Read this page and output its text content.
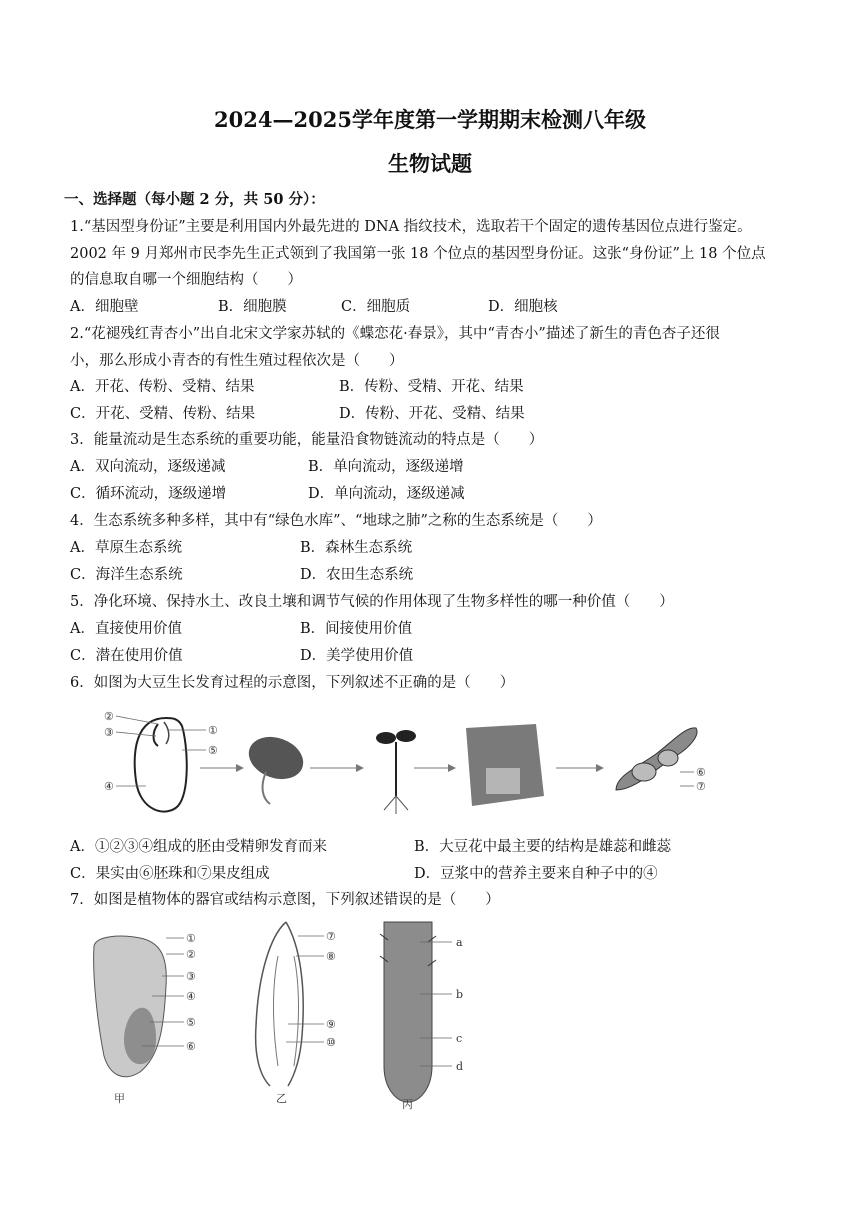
2024—2025学年度第一学期期末检测八年级
生物试题
一、选择题（每小题 2 分，共 50 分）：
1.“基因型身份证”主要是利用国内外最先进的 DNA 指纹技术，选取若干个固定的遗传基因位点进行鉴定。
2002 年 9 月郑州市民李先生正式领到了我国第一张 18 个位点的基因型身份证。这张“身份证”上 18 个位点
的信息取自哪一个细胞结构（　　）
A．细胞壁	B．细胞膜	C．细胞质	D．细胞核
2.“花褪残红青杏小”出自北宋文学家苏轼的《蝶恋花·春景》，其中“青杏小”描述了新生的青色杏子还很
小，那么形成小青杏的有性生殖过程依次是（　　）
A．开花、传粉、受精、结果	B．传粉、受精、开花、结果
C．开花、受精、传粉、结果	D．传粉、开花、受精、结果
3．能量流动是生态系统的重要功能，能量沿食物链流动的特点是（　　）
A．双向流动，逐级递减	B．单向流动，逐级递增
C．循环流动，逐级递增	D．单向流动，逐级递减
4．生态系统多种多样，其中有“绿色水库”、“地球之肺”之称的生态系统是（　　）
A．草原生态系统	B．森林生态系统
C．海洋生态系统	D．农田生态系统
5．净化环境、保持水土、改良土壤和调节气候的作用体现了生物多样性的哪一种价值（　　）
A．直接使用价值	B．间接使用价值
C．潜在使用价值	D．美学使用价值
6．如图为大豆生长发育过程的示意图，下列叙述不正确的是（　　）
②
③
④
①
⑤
⑥
⑦
A．①②③④组成的胚由受精卵发育而来	B．大豆花中最主要的结构是雄蕊和雌蕊
C．果实由⑥胚珠和⑦果皮组成	D．豆浆中的营养主要来自种子中的④
7．如图是植物体的器官或结构示意图，下列叙述错误的是（　　）
①
②
③
④
⑤
⑥
甲
⑦
⑧
⑨
⑩
乙
a
b
c
d
丙
